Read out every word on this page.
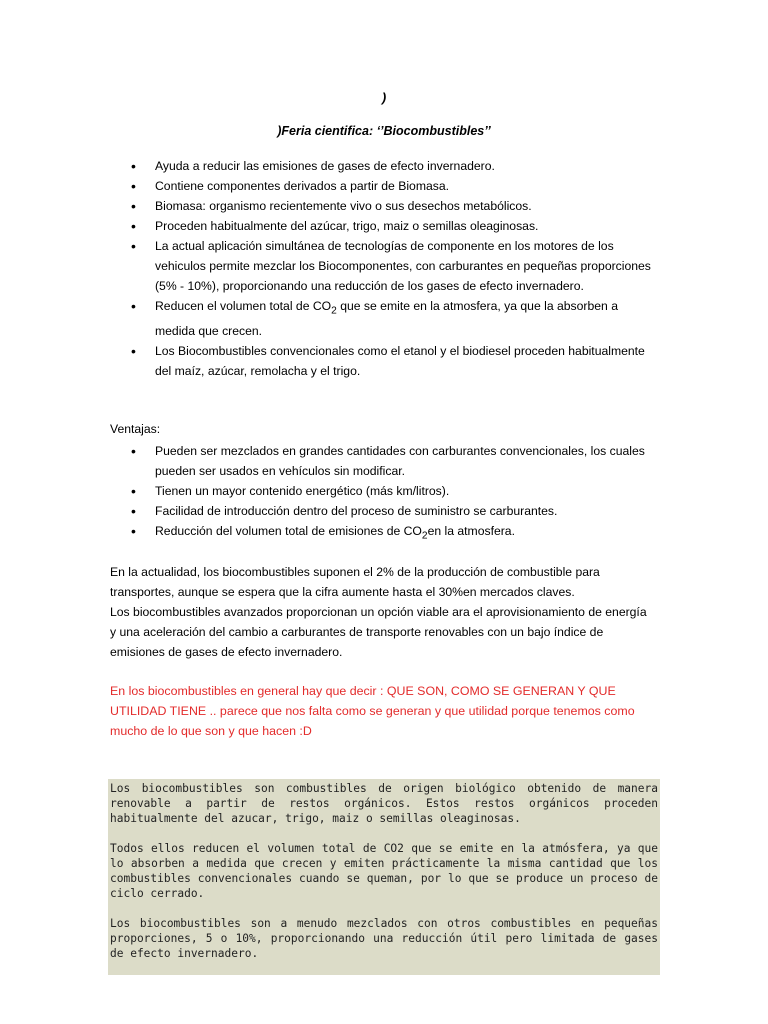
)
)Feria cientifica: ‘’Biocombustibles’’
• Ayuda a reducir las emisiones de gases de efecto invernadero.
• Contiene componentes derivados a partir de Biomasa.
• Biomasa: organismo recientemente vivo o sus desechos metabólicos.
• Proceden habitualmente del azúcar, trigo, maiz o semillas oleaginosas.
• La actual aplicación simultánea de tecnologías de componente en los motores de los vehiculos permite mezclar los Biocomponentes, con carburantes en pequeñas proporciones (5% - 10%), proporcionando una reducción de los gases de efecto invernadero.
• Reducen el volumen total de $CO_2$ que se emite en la atmosfera, ya que la absorben a medida que crecen.
• Los Biocombustibles convencionales como el etanol y el biodiesel proceden habitualmente del maíz, azúcar, remolacha y el trigo.
Ventajas:
• Pueden ser mezclados en grandes cantidades con carburantes convencionales, los cuales pueden ser usados en vehículos sin modificar.
• Tienen un mayor contenido energético (más km/litros).
• Facilidad de introducción dentro del proceso de suministro se carburantes.
• Reducción del volumen total de emisiones de $CO_2en$ la atmosfera.
En la actualidad, los biocombustibles suponen el 2% de la producción de combustible para transportes, aunque se espera que la cifra aumente hasta el 30%en mercados claves.
Los biocombustibles avanzados proporcionan un opción viable ara el aprovisionamiento de energía y una aceleración del cambio a carburantes de transporte renovables con un bajo índice de emisiones de gases de efecto invernadero.
En los biocombustibles en general hay que decir : QUE SON, COMO SE GENERAN Y QUE UTILIDAD TIENE .. parece que nos falta como se generan y que utilidad porque tenemos como mucho de lo que son y que hacen :D

Los biocombustibles son combustibles de origen biológico obtenido de manera renovable a partir de restos orgánicos. Estos restos orgánicos proceden habitualmente del azucar, trigo, maiz o semillas oleaginosas.

Todos ellos reducen el volumen total de CO2 que se emite en la atmósfera, ya que lo absorben a medida que crecen y emiten prácticamente la misma cantidad que los combustibles convencionales cuando se queman, por lo que se produce un proceso de ciclo cerrado.

Los biocombustibles son a menudo mezclados con otros combustibles en pequeñas proporciones, 5 o 10%, proporcionando una reducción útil pero limitada de gases de efecto invernadero.
